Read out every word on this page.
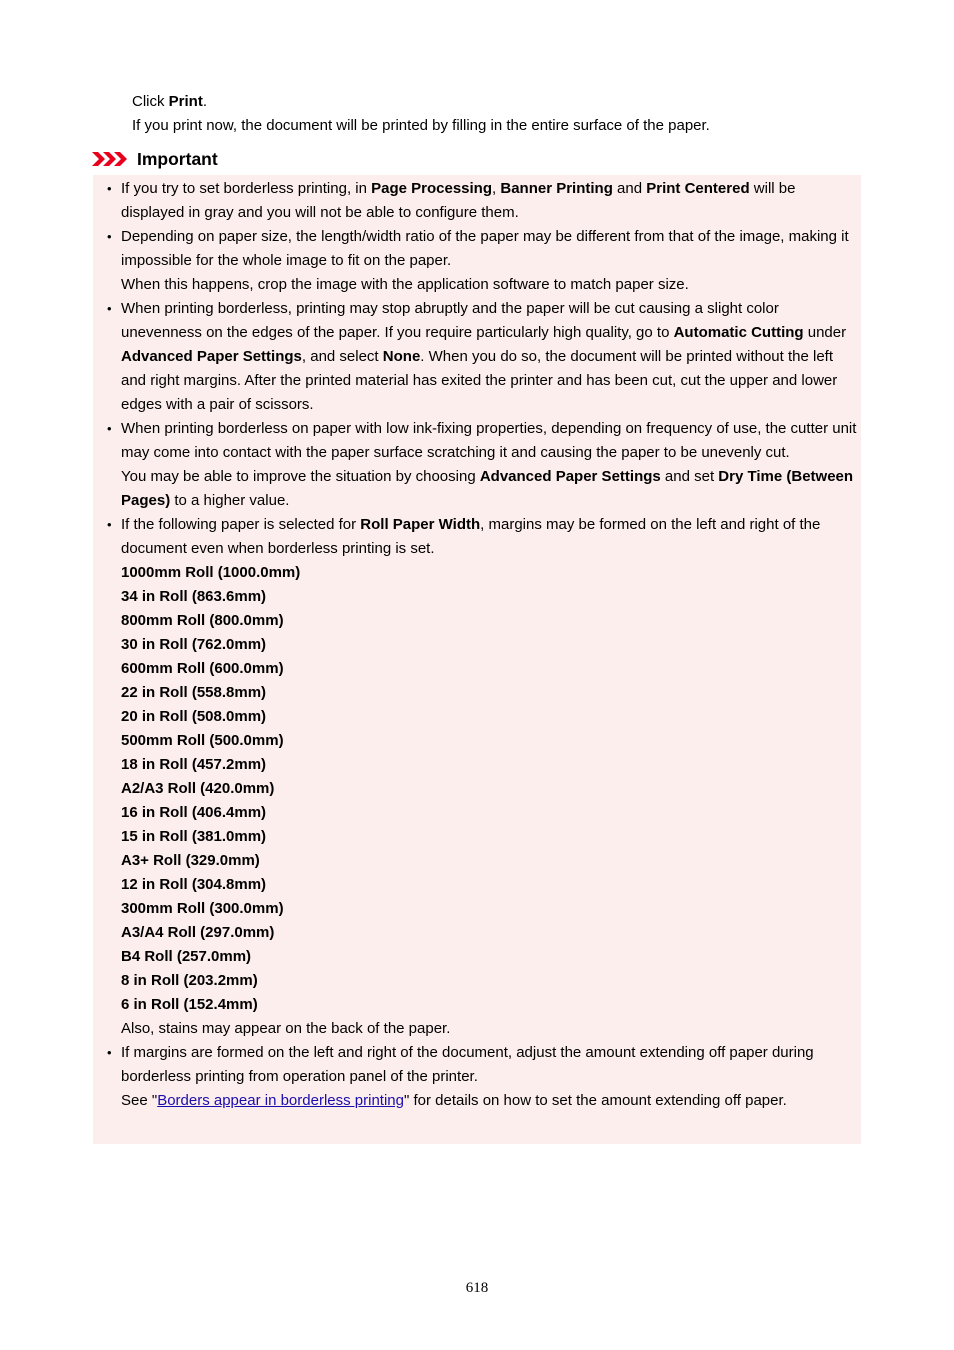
Click Print.

If you print now, the document will be printed by filling in the entire surface of the paper.

Important

• If you try to set borderless printing, in Page Processing, Banner Printing and Print Centered will be displayed in gray and you will not be able to configure them.

• Depending on paper size, the length/width ratio of the paper may be different from that of the image, making it impossible for the whole image to fit on the paper.

When this happens, crop the image with the application software to match paper size.

• When printing borderless, printing may stop abruptly and the paper will be cut causing a slight color unevenness on the edges of the paper. If you require particularly high quality, go to Automatic Cutting under Advanced Paper Settings, and select None. When you do so, the document will be printed without the left and right margins. After the printed material has exited the printer and has been cut, cut the upper and lower edges with a pair of scissors.

• When printing borderless on paper with low ink-fixing properties, depending on frequency of use, the cutter unit may come into contact with the paper surface scratching it and causing the paper to be unevenly cut.

You may be able to improve the situation by choosing Advanced Paper Settings and set Dry Time (Between Pages) to a higher value.

• If the following paper is selected for Roll Paper Width, margins may be formed on the left and right of the document even when borderless printing is set.

1000mm Roll (1000.0mm)

34 in Roll (863.6mm)

800mm Roll (800.0mm)

30 in Roll (762.0mm)

600mm Roll (600.0mm)

22 in Roll (558.8mm)

20 in Roll (508.0mm)

500mm Roll (500.0mm)

18 in Roll (457.2mm)

A2/A3 Roll (420.0mm)

16 in Roll (406.4mm)

15 in Roll (381.0mm)

A3+ Roll (329.0mm)

12 in Roll (304.8mm)

300mm Roll (300.0mm)

A3/A4 Roll (297.0mm)

B4 Roll (257.0mm)

8 in Roll (203.2mm)

6 in Roll (152.4mm)

Also, stains may appear on the back of the paper.

• If margins are formed on the left and right of the document, adjust the amount extending off paper during borderless printing from operation panel of the printer.

See "Borders appear in borderless printing" for details on how to set the amount extending off paper.

618
